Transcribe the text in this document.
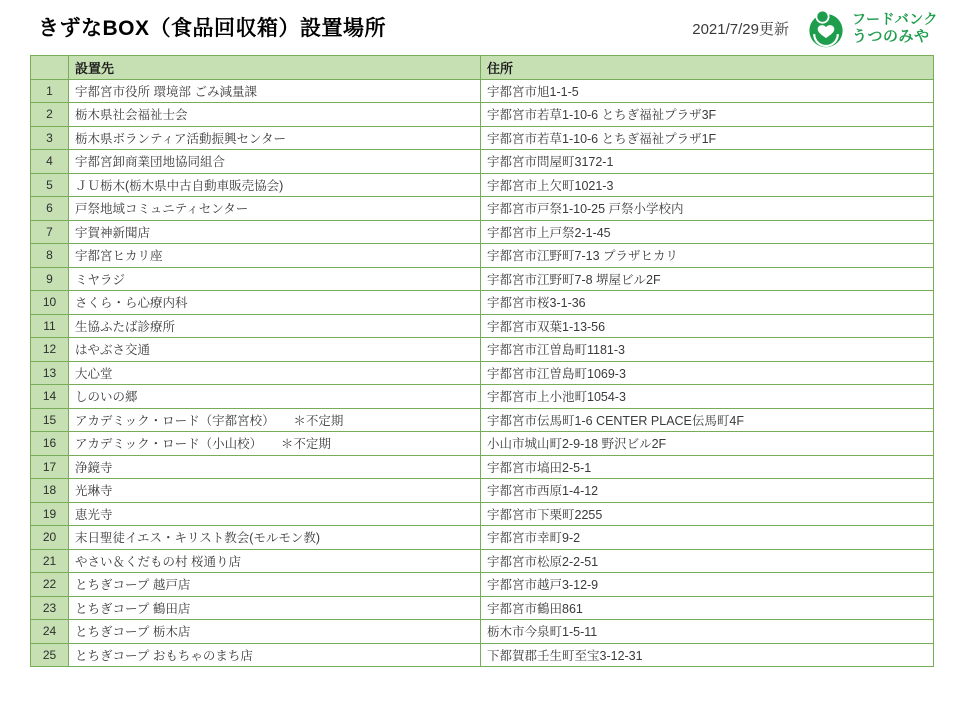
きずなBOX（食品回収箱）設置場所	2021/7/29更新
フードバンク
うつのみや
	設置先	住所
1	宇都宮市役所 環境部 ごみ減量課	宇都宮市旭1-1-5
2	栃木県社会福祉士会	宇都宮市若草1-10-6 とちぎ福祉プラザ3F
3	栃木県ボランティア活動振興センター	宇都宮市若草1-10-6 とちぎ福祉プラザ1F
4	宇都宮卸商業団地協同組合	宇都宮市問屋町3172-1
5	ＪＵ栃木(栃木県中古自動車販売協会)	宇都宮市上欠町1021-3
6	戸祭地域コミュニティセンター	宇都宮市戸祭1-10-25 戸祭小学校内
7	宇賀神新聞店	宇都宮市上戸祭2-1-45
8	宇都宮ヒカリ座	宇都宮市江野町7-13 プラザヒカリ
9	ミヤラジ	宇都宮市江野町7-8 堺屋ビル2F
10	さくら・ら心療内科	宇都宮市桜3-1-36
11	生協ふたば診療所	宇都宮市双葉1-13-56
12	はやぶさ交通	宇都宮市江曽島町1181-3
13	大心堂	宇都宮市江曽島町1069-3
14	しのいの郷	宇都宮市上小池町1054-3
15	アカデミック・ロード（宇都宮校）　　＊不定期	宇都宮市伝馬町1-6 CENTER PLACE伝馬町4F
16	アカデミック・ロード（小山校）　　＊不定期	小山市城山町2-9-18 野沢ビル2F
17	浄鏡寺	宇都宮市塙田2-5-1
18	光琳寺	宇都宮市西原1-4-12
19	恵光寺	宇都宮市下栗町2255
20	末日聖徒イエス・キリスト教会(モルモン教)	宇都宮市幸町9-2
21	やさい＆くだもの村 桜通り店	宇都宮市松原2-2-51
22	とちぎコープ 越戸店	宇都宮市越戸3-12-9
23	とちぎコープ 鶴田店	宇都宮市鶴田861
24	とちぎコープ 栃木店	栃木市今泉町1-5-11
25	とちぎコープ おもちゃのまち店	下都賀郡壬生町至宝3-12-31
